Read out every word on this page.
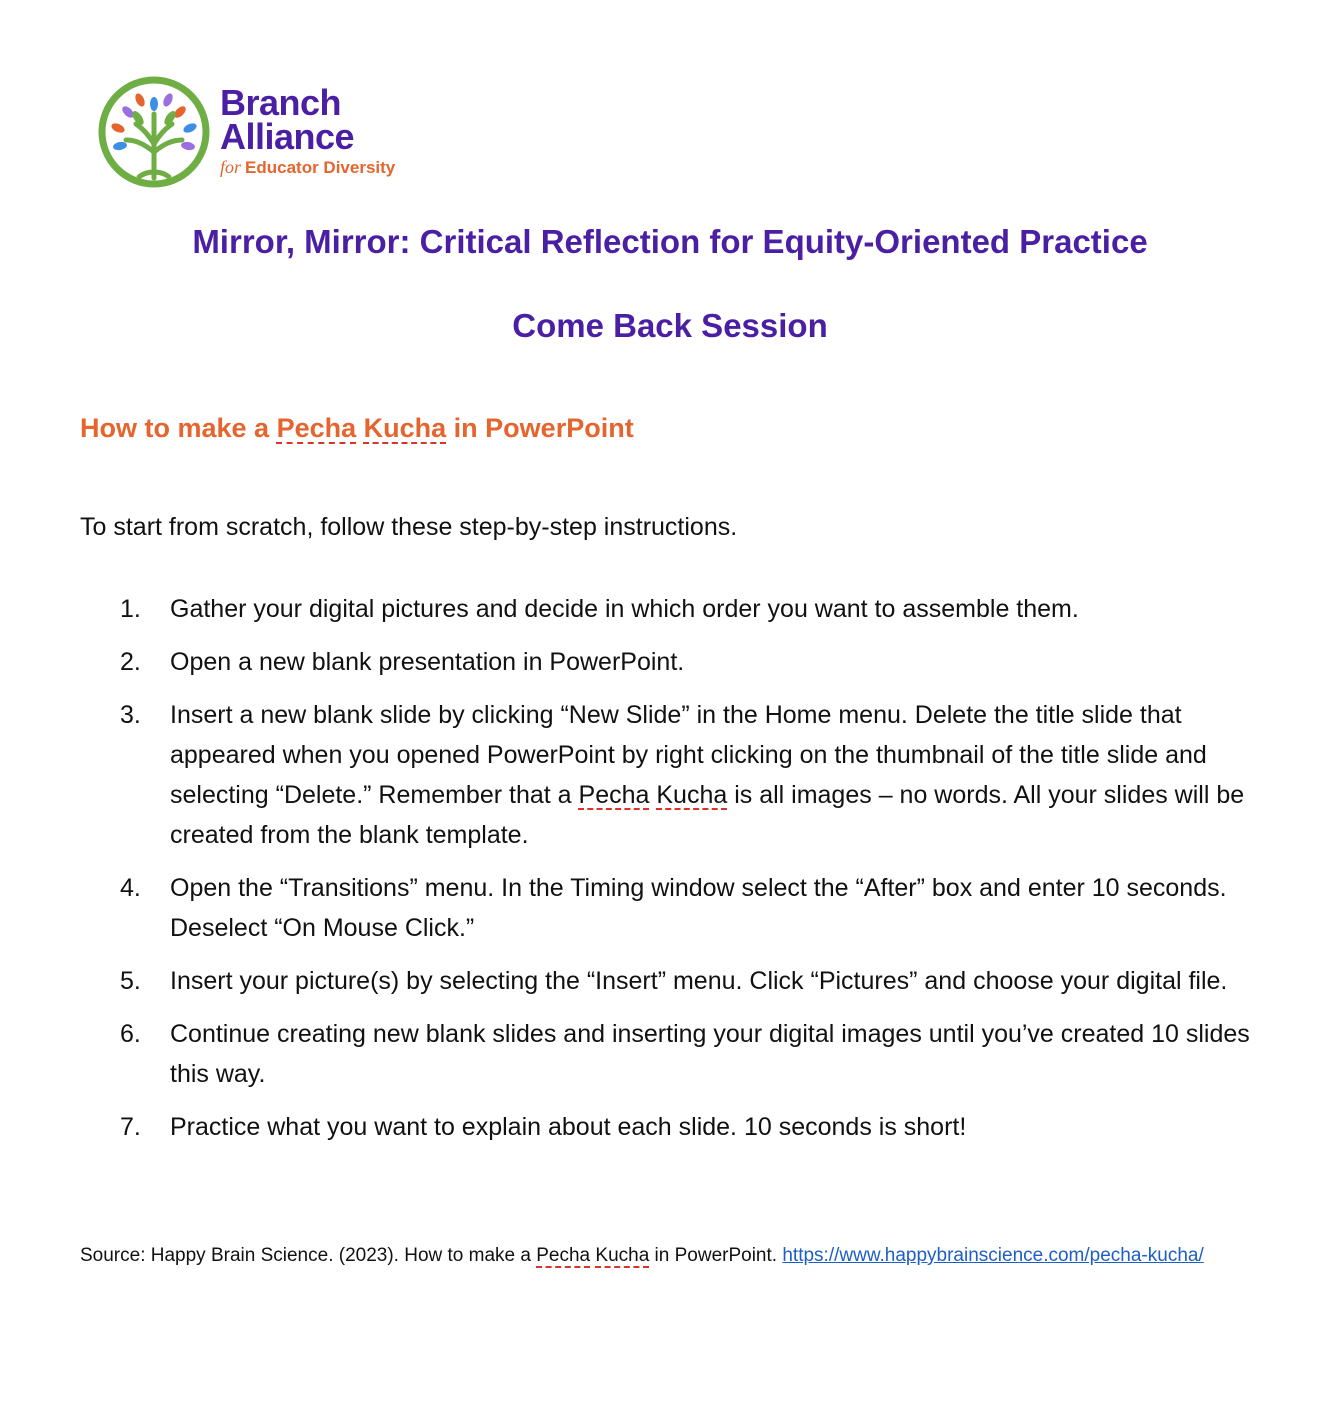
Branch
Alliance
for Educator Diversity
Mirror, Mirror: Critical Reflection for Equity-Oriented Practice
Come Back Session
How to make a Pecha Kucha in PowerPoint

To start from scratch, follow these step-by-step instructions.

1.	Gather your digital pictures and decide in which order you want to assemble them.
2.	Open a new blank presentation in PowerPoint.
3.	Insert a new blank slide by clicking “New Slide” in the Home menu. Delete the title slide that appeared when you opened PowerPoint by right clicking on the thumbnail of the title slide and selecting “Delete.” Remember that a Pecha Kucha is all images – no words. All your slides will be created from the blank template.
4.	Open the “Transitions” menu. In the Timing window select the “After” box and enter 10 seconds. Deselect “On Mouse Click.”
5.	Insert your picture(s) by selecting the “Insert” menu. Click “Pictures” and choose your digital file.
6.	Continue creating new blank slides and inserting your digital images until you’ve created 10 slides this way.
7.	Practice what you want to explain about each slide. 10 seconds is short!

Source: Happy Brain Science. (2023). How to make a Pecha Kucha in PowerPoint. https://www.happybrainscience.com/pecha-kucha/
